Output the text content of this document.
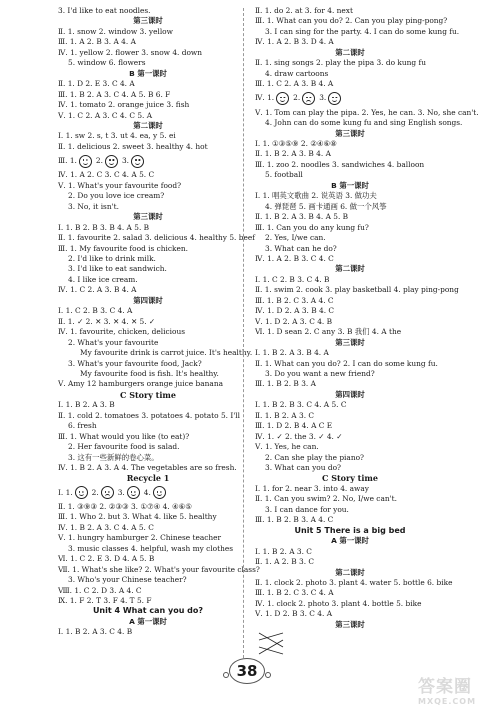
3. I'd like to eat noodles.
第三课时
Ⅱ. 1. snow 2. window 3. yellow
Ⅲ. 1. A 2. B 3. A 4. A
Ⅳ. 1. yellow 2. flower 3. snow 4. down
5. window 6. flowers
B 第一课时
Ⅱ. 1. D 2. E 3. C 4. A
Ⅲ. 1. B 2. A 3. C 4. A 5. B 6. F
Ⅳ. 1. tomato 2. orange juice 3. fish
Ⅴ. 1. C 2. A 3. C 4. C 5. A
第二课时
Ⅰ. 1. sw 2. s, t 3. ut 4. ea, y 5. ei
Ⅱ. 1. delicious 2. sweet 3. healthy 4. hot
Ⅲ. 1.	2.	3.
Ⅳ. 1. A 2. C 3. C 4. A 5. C
Ⅴ. 1. What's your favourite food?
2. Do you love ice cream?
3. No, it isn't.
第三课时
Ⅰ. 1. B 2. B 3. B 4. A 5. B
Ⅱ. 1. favourite 2. salad 3. delicious 4. healthy 5. beef
Ⅲ. 1. My favourite food is chicken.
2. I'd like to drink milk.
3. I'd like to eat sandwich.
4. I like ice cream.
Ⅳ. 1. C 2. A 3. B 4. A
第四课时
Ⅰ. 1. C 2. B 3. C 4. A
Ⅱ. 1. ✓ 2. ✕ 3. ✕ 4. ✕ 5. ✓
Ⅳ. 1. favourite, chicken, delicious
2. What's your favourite
My favourite drink is carrot juice. It's healthy.
3. What's your favourite food, Jack?
My favourite food is fish. It's healthy.
Ⅴ. Amy 12 hamburgers orange juice banana
C Story time
Ⅰ. 1. B 2. A 3. B
Ⅱ. 1. cold 2. tomatoes 3. potatoes 4. potato 5. I'll
6. fresh
Ⅲ. 1. What would you like (to eat)?
2. Her favourite food is salad.
3. 这有一些新鲜的卷心菜。
Ⅳ. 1. B 2. A 3. A 4. The vegetables are so fresh.
Recycle 1
Ⅰ. 1.	2.	3.	4.
Ⅱ. 1. ③⑨③ 2. ②③③ 3. ①⑦④ 4. ④⑥⑤
Ⅲ. 1. Who 2. but 3. What 4. like 5. healthy
Ⅳ. 1. B 2. A 3. C 4. A 5. C
Ⅴ. 1. hungry hamburger 2. Chinese teacher
3. music classes 4. helpful, wash my clothes
Ⅵ. 1. C 2. E 3. D 4. A 5. B
Ⅶ. 1. What's she like? 2. What's your favourite class?
3. Who's your Chinese teacher?
Ⅷ. 1. C 2. D 3. A 4. C
Ⅸ. 1. F 2. T 3. F 4. T 5. F
Unit 4 What can you do?
A 第一课时
Ⅰ. 1. B 2. A 3. C 4. B
Ⅱ. 1. do 2. at 3. for 4. next
Ⅲ. 1. What can you do? 2. Can you play ping-pong?
3. I can sing for the party. 4. I can do some kung fu.
Ⅳ. 1. A 2. B 3. D 4. A
第二课时
Ⅱ. 1. sing songs 2. play the pipa 3. do kung fu
4. draw cartoons
Ⅲ. 1. C 2. A 3. B 4. A
Ⅳ. 1.	2.	3.
Ⅴ. 1. Tom can play the pipa. 2. Yes, he can. 3. No, she can't.
4. John can do some kung fu and sing English songs.
第三课时
Ⅰ. 1. ①③⑤⑨ 2. ②④⑥⑧
Ⅱ. 1. B 2. A 3. B 4. A
Ⅲ. 1. zoo 2. noodles 3. sandwiches 4. balloon
5. football
B 第一课时
Ⅰ. 1. 唱英文歌曲 2. 说英语 3. 做功夫
4. 弹琵琶 5. 画卡通画 6. 做一个风筝
Ⅱ. 1. B 2. A 3. B 4. A 5. B
Ⅲ. 1. Can you do any kung fu?
2. Yes, I/we can.
3. What can he do?
Ⅳ. 1. A 2. B 3. C 4. C
第二课时
Ⅰ. 1. C 2. B 3. C 4. B
Ⅱ. 1. swim 2. cook 3. play basketball 4. play ping-pong
Ⅲ. 1. B 2. C 3. A 4. C
Ⅳ. 1. D 2. A 3. B 4. C
Ⅴ. 1. D 2. A 3. C 4. B
Ⅵ. 1. D sean 2. C any 3. B 我们 4. A the
第三课时
Ⅰ. 1. B 2. A 3. B 4. A
Ⅱ. 1. What can you do? 2. I can do some kung fu.
3. Do you want a new friend?
Ⅲ. 1. B 2. B 3. A
第四课时
Ⅰ. 1. B 2. B 3. C 4. A 5. C
Ⅱ. 1. B 2. A 3. C
Ⅲ. 1. D 2. B 4. A C E
Ⅳ. 1. ✓ 2. the 3. ✓ 4. ✓
Ⅴ. 1. Yes, he can.
2. Can she play the piano?
3. What can you do?
C Story time
Ⅰ. 1. for 2. near 3. into 4. away
Ⅱ. 1. Can you swim? 2. No, I/we can't.
3. I can dance for you.
Ⅲ. 1. B 2. B 3. A 4. C
Unit 5 There is a big bed
A 第一课时
Ⅰ. 1. B 2. A 3. C
Ⅱ. 1. A 2. B 3. C
第二课时
Ⅱ. 1. clock 2. photo 3. plant 4. water 5. bottle 6. bike
Ⅲ. 1. B 2. C 3. C 4. A
Ⅳ. 1. clock 2. photo 3. plant 4. bottle 5. bike
Ⅴ. 1. D 2. B 3. C 4. A
第三课时
38
答案圈
MXQE.COM
